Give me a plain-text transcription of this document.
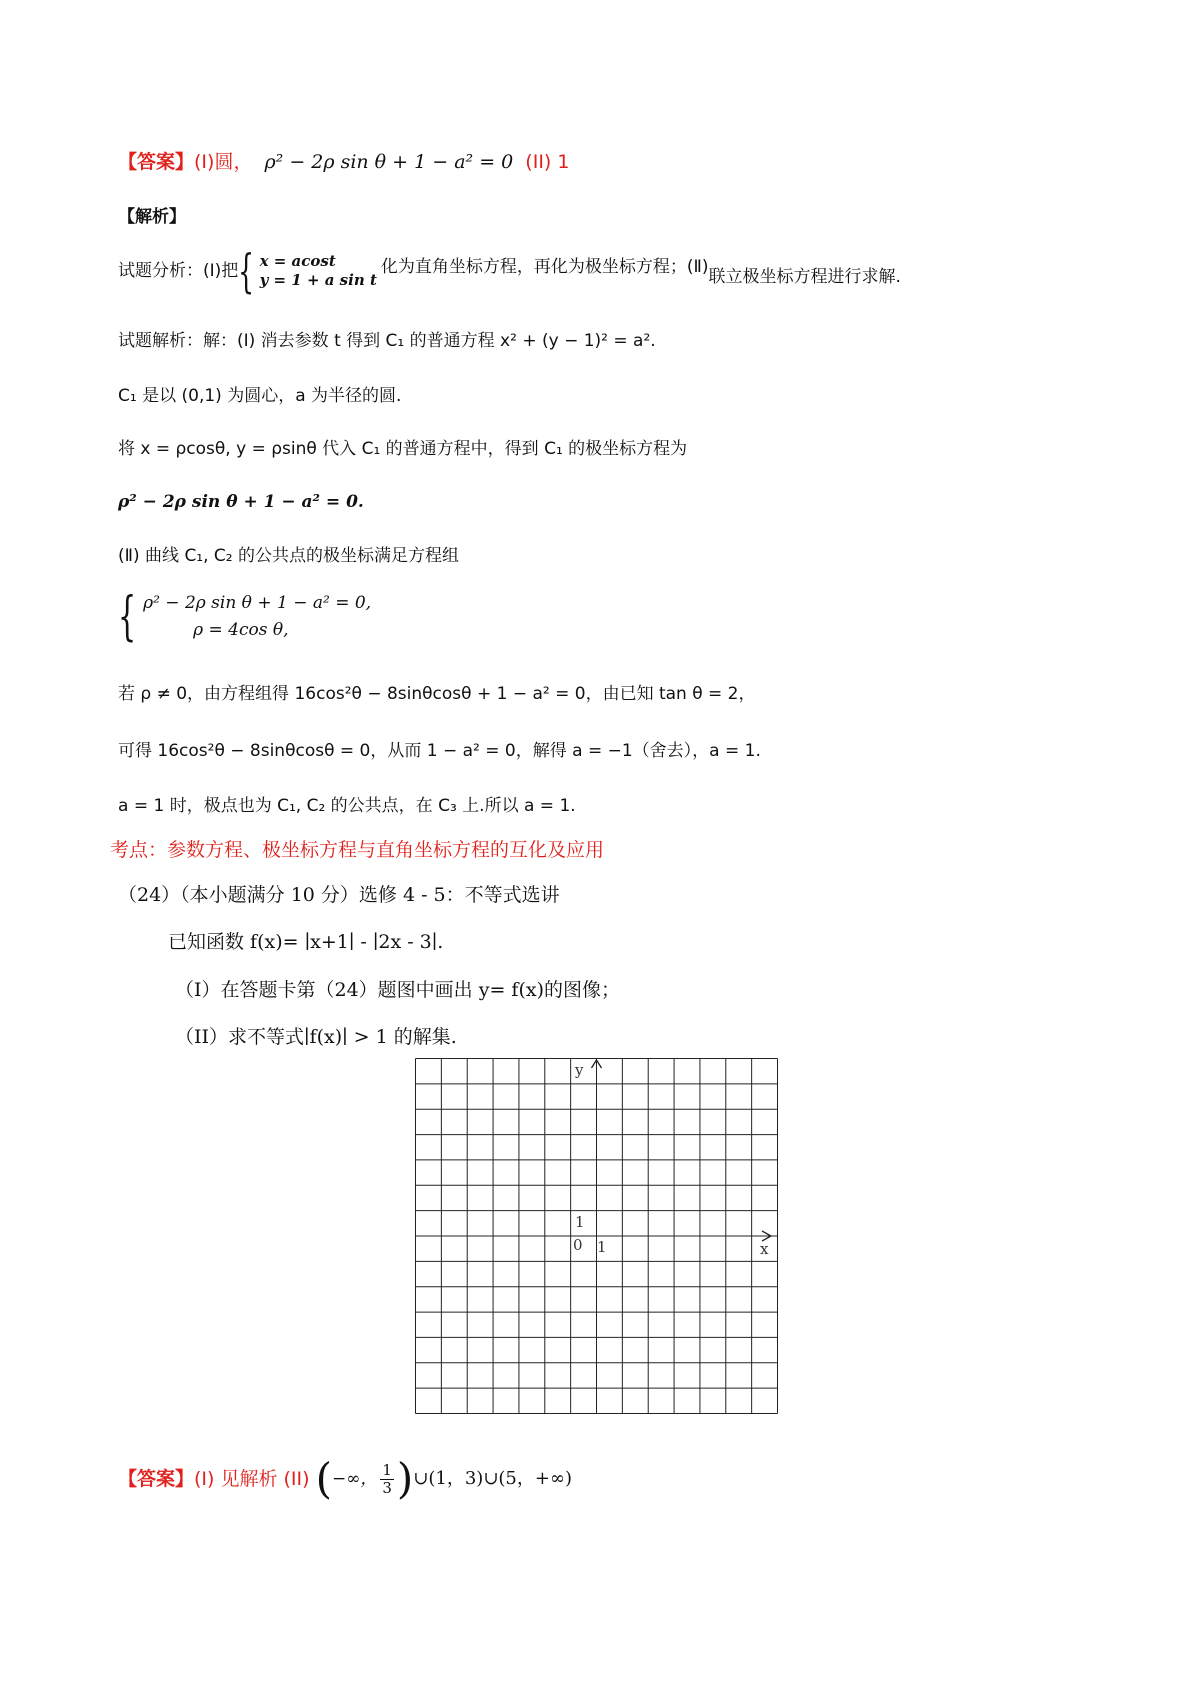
【答案】(I)圆， ρ² − 2ρ sin θ + 1 − a² = 0 (II) 1
【解析】
试题分析：(Ⅰ)把 { x = acost
y = 1 + a sin t
化为直角坐标方程，再化为极坐标方程；(Ⅱ) 联立极坐标方程进行求解.
试题解析：解：(Ⅰ) 消去参数 t 得到 C₁ 的普通方程 x² + (y − 1)² = a².
C₁ 是以 (0,1) 为圆心，a 为半径的圆.
将 x = ρcosθ, y = ρsinθ 代入 C₁ 的普通方程中，得到 C₁ 的极坐标方程为
ρ² − 2ρ sin θ + 1 − a² = 0.
(Ⅱ) 曲线 C₁, C₂ 的公共点的极坐标满足方程组
{ ρ² − 2ρ sin θ + 1 − a² = 0,
ρ = 4cos θ,
若 ρ ≠ 0，由方程组得 16cos²θ − 8sinθcosθ + 1 − a² = 0，由已知 tan θ = 2，
可得 16cos²θ − 8sinθcosθ = 0，从而 1 − a² = 0，解得 a = −1（舍去），a = 1.
a = 1 时，极点也为 C₁, C₂ 的公共点，在 C₃ 上.所以 a = 1.
考点：参数方程、极坐标方程与直角坐标方程的互化及应用
（24）（本小题满分 10 分）选修 4 - 5：不等式选讲
已知函数 f(x)= ∣x+1∣ - ∣2x - 3∣.
（I）在答题卡第（24）题图中画出 y= f(x)的图像；
（II）求不等式∣f(x)∣ > 1 的解集.
y
x
0 1
1
【答案】 (I) 见解析 (II) ( −∞， $\frac{1}{3}$ ) ∪(1，3)∪(5，+∞)
